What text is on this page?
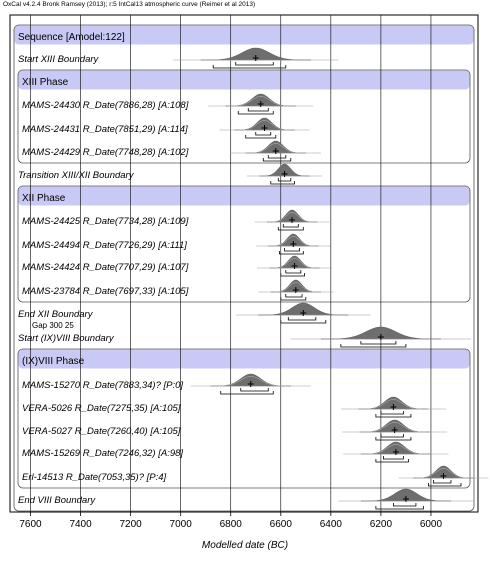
OxCal v4.2.4 Bronk Ramsey (2013); r:5 IntCal13 atmospheric curve (Reimer et al 2013)
Sequence [Amodel:122]
Start XIII Boundary
XIII Phase
MAMS-24430 R_Date(7886,28) [A:108]
MAMS-24431 R_Date(7851,29) [A:114]
MAMS-24429 R_Date(7748,28) [A:102]
Transition XIII/XII Boundary
XII Phase
MAMS-24425 R_Date(7734,28) [A:109]
MAMS-24494 R_Date(7726,29) [A:111]
MAMS-24424 R_Date(7707,29) [A:107]
MAMS-23784 R_Date(7697,33) [A:105]
End XII Boundary
Gap 300 25
Start (IX)VIII Boundary
(IX)VIII Phase
MAMS-15270 R_Date(7883,34)? [P:0]
VERA-5026 R_Date(7275,35) [A:105]
VERA-5027 R_Date(7260,40) [A:105]
MAMS-15269 R_Date(7246,32) [A:98]
Erl-14513 R_Date(7053,35)? [P:4]
End VIII Boundary
7600	7400	7200	7000	6800	6600	6400	6200	6000
Modelled date (BC)
